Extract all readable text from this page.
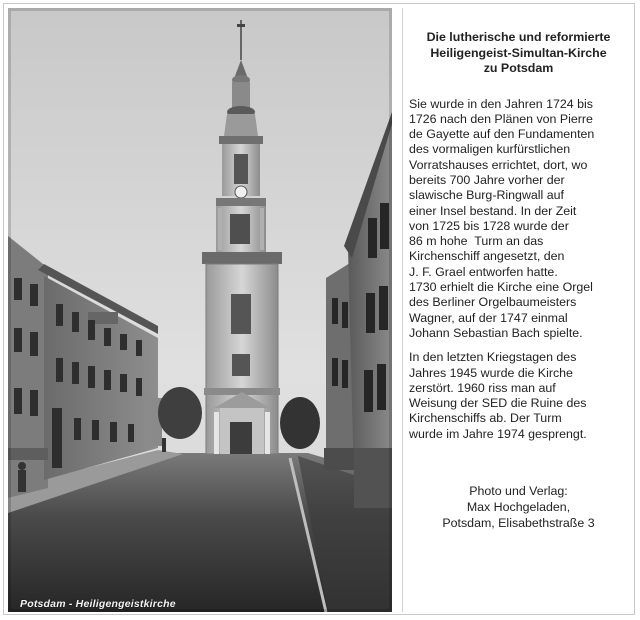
Potsdam - Heiligengeistkirche
Die lutherische und reformierte
Heiligengeist-Simultan-Kirche
zu Potsdam
Sie wurde in den Jahren 1724 bis
1726 nach den Plänen von Pierre
de Gayette auf den Fundamenten
des vormaligen kurfürstlichen
Vorratshauses errichtet, dort, wo
bereits 700 Jahre vorher der
slawische Burg-Ringwall auf
einer Insel bestand. In der Zeit
von 1725 bis 1728 wurde der
86 m hohe  Turm an das
Kirchenschiff angesetzt, den
J. F. Grael entworfen hatte.
1730 erhielt die Kirche eine Orgel
des Berliner Orgelbaumeisters
Wagner, auf der 1747 einmal
Johann Sebastian Bach spielte.
In den letzten Kriegstagen des
Jahres 1945 wurde die Kirche
zerstört. 1960 riss man auf
Weisung der SED die Ruine des
Kirchenschiffs ab. Der Turm
wurde im Jahre 1974 gesprengt.
Photo und Verlag:
Max Hochgeladen,
Potsdam, Elisabethstraße 3
